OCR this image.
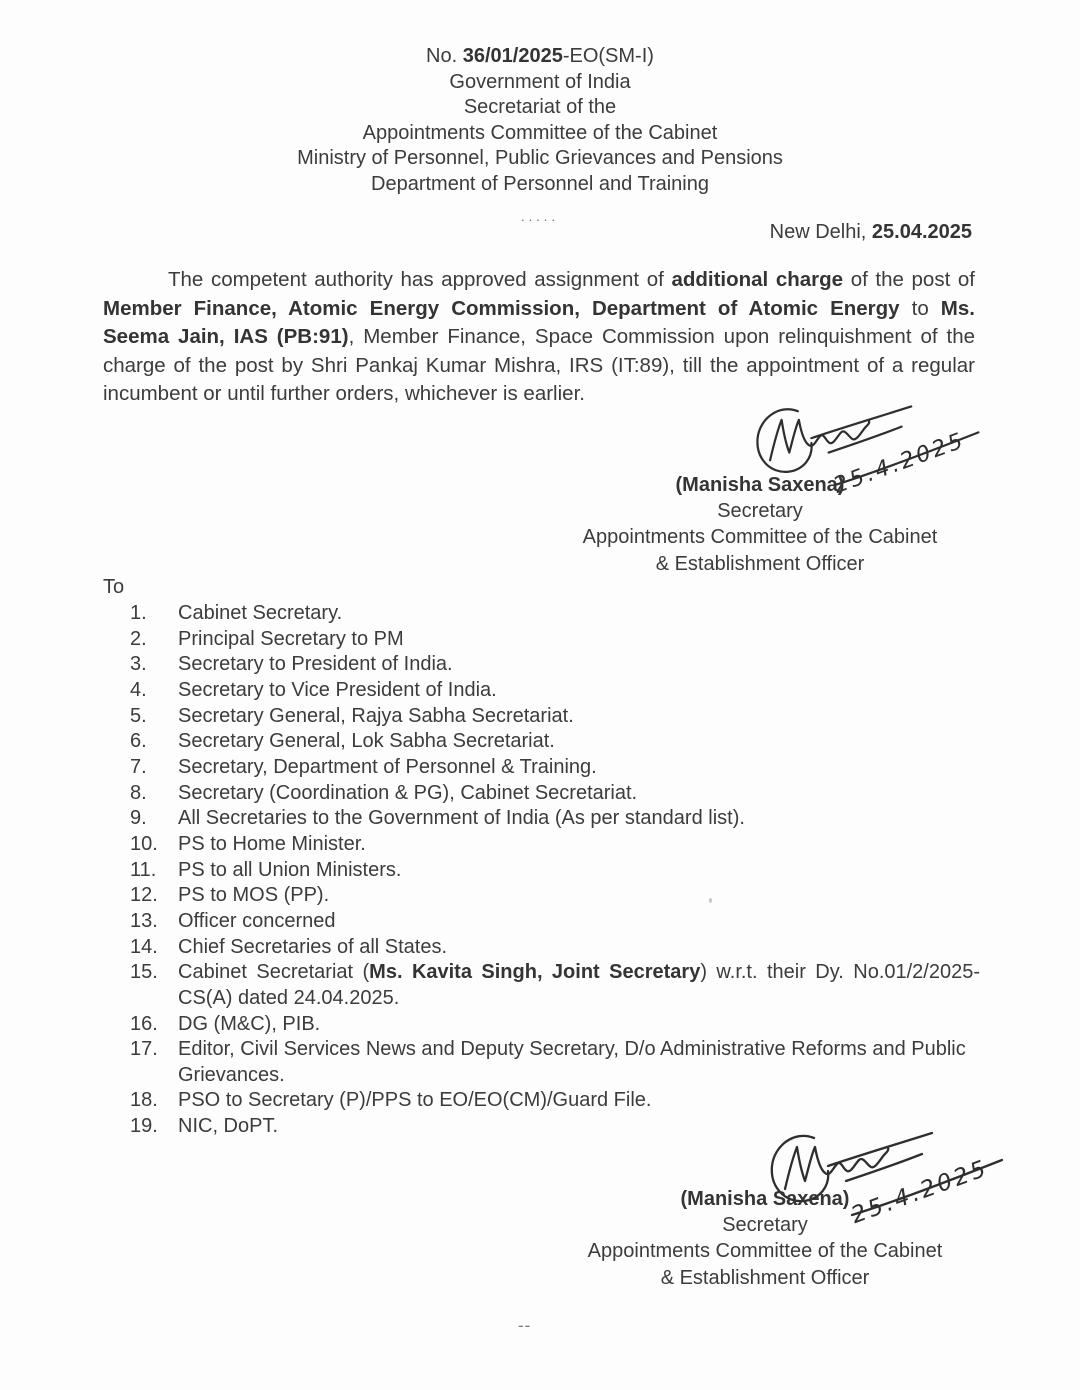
No. 36/01/2025-EO(SM-I)
Government of India
Secretariat of the
Appointments Committee of the Cabinet
Ministry of Personnel, Public Grievances and Pensions
Department of Personnel and Training
.....
New Delhi, 25.04.2025

The competent authority has approved assignment of additional charge of the post of Member Finance, Atomic Energy Commission, Department of Atomic Energy to Ms. Seema Jain, IAS (PB:91), Member Finance, Space Commission upon relinquishment of the charge of the post by Shri Pankaj Kumar Mishra, IRS (IT:89), till the appointment of a regular incumbent or until further orders, whichever is earlier.

25.4.2025
(Manisha Saxena)
Secretary
Appointments Committee of the Cabinet
& Establishment Officer
To
1.	Cabinet Secretary.
2.	Principal Secretary to PM
3.	Secretary to President of India.
4.	Secretary to Vice President of India.
5.	Secretary General, Rajya Sabha Secretariat.
6.	Secretary General, Lok Sabha Secretariat.
7.	Secretary, Department of Personnel & Training.
8.	Secretary (Coordination & PG), Cabinet Secretariat.
9.	All Secretaries to the Government of India (As per standard list).
10.	PS to Home Minister.
11.	PS to all Union Ministers.
12.	PS to MOS (PP).
13.	Officer concerned
14.	Chief Secretaries of all States.
15.	Cabinet Secretariat (Ms. Kavita Singh, Joint Secretary) w.r.t. their Dy. No.01/2/2025-CS(A) dated 24.04.2025.
16.	DG (M&C), PIB.
17.	Editor, Civil Services News and Deputy Secretary, D/o Administrative Reforms and Public Grievances.
18.	PSO to Secretary (P)/PPS to EO/EO(CM)/Guard File.
19.	NIC, DoPT.
25.4.2025
(Manisha Saxena)
Secretary
Appointments Committee of the Cabinet
& Establishment Officer
--
